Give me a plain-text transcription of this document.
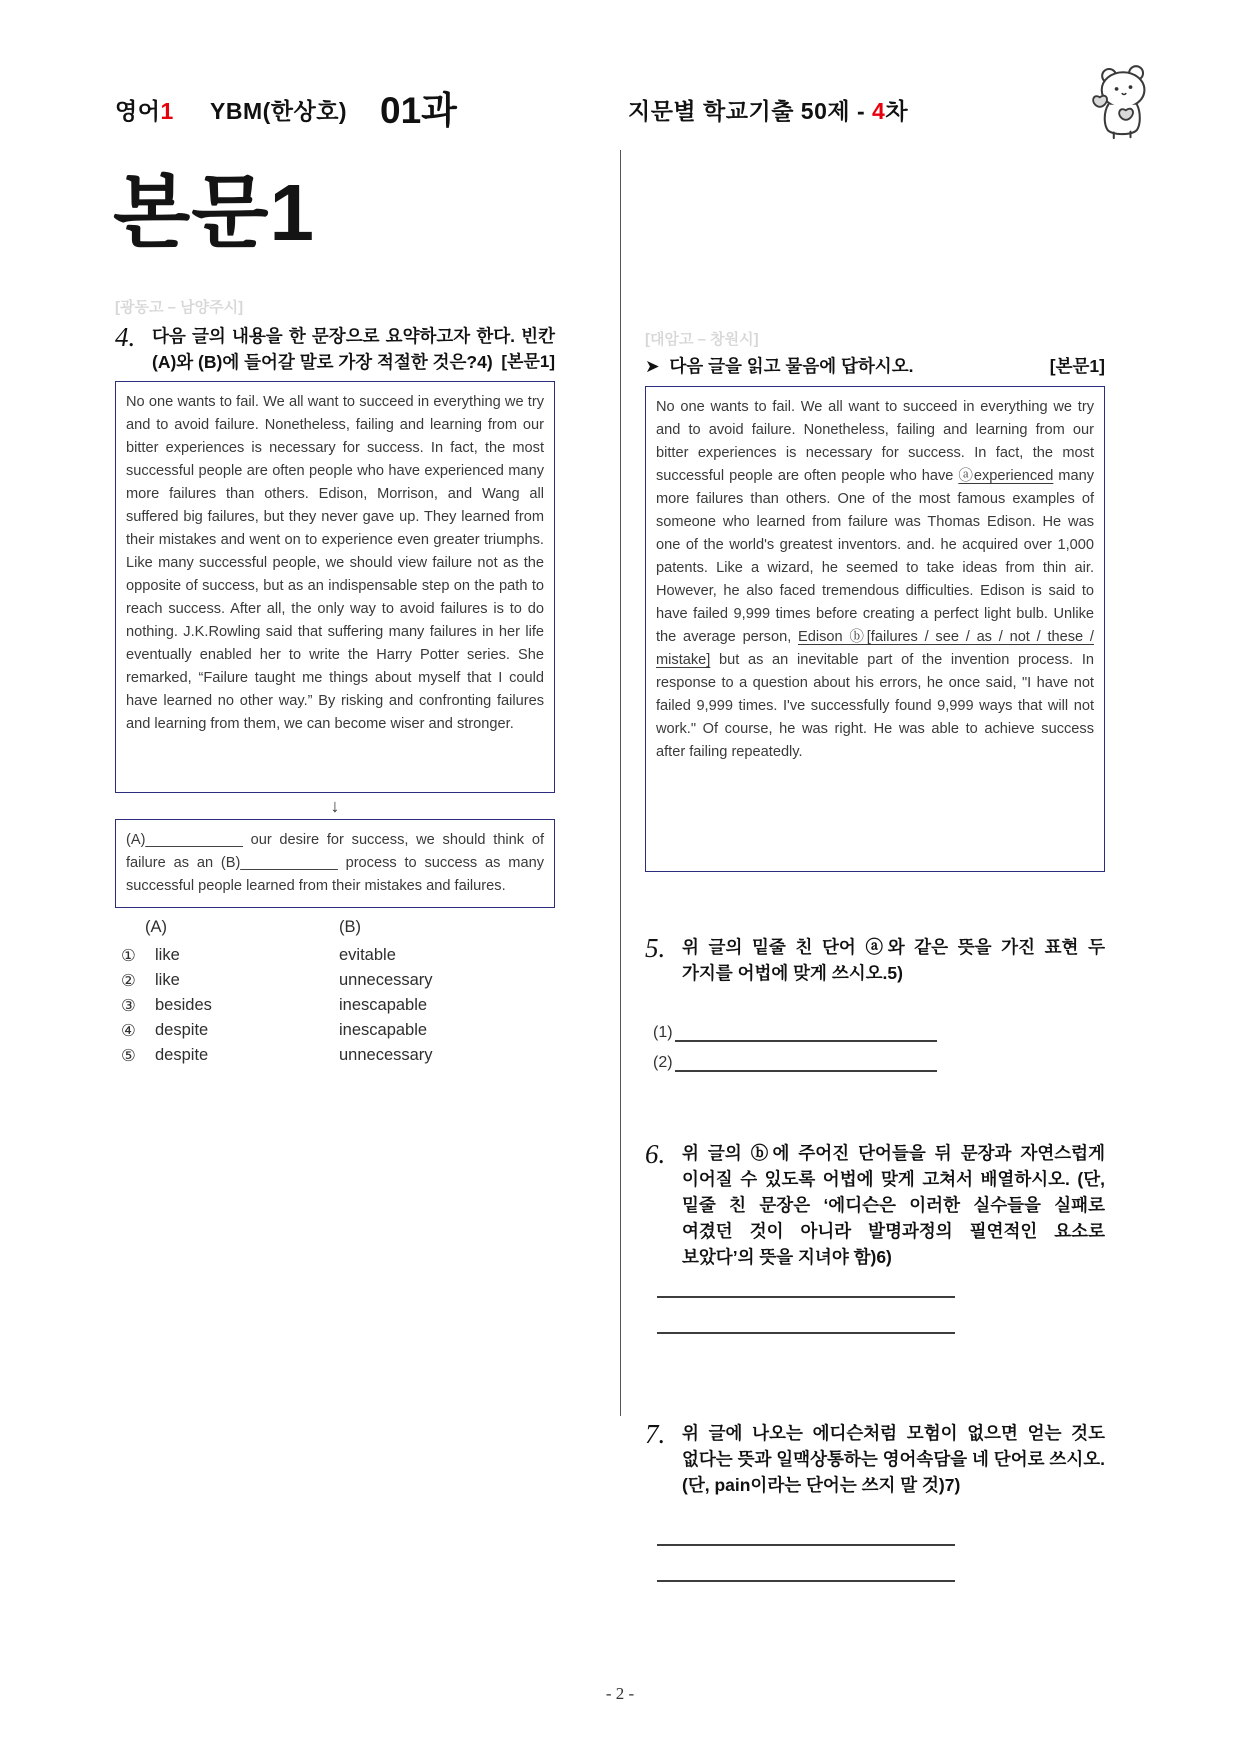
영어1 YBM(한상호) 01과	지문별 학교기출 50제 - 4차
본문1
[광동고 – 남양주시]
4. 다음 글의 내용을 한 문장으로 요약하고자 한다. 빈칸 (A)와 (B)에 들어갈 말로 가장 적절한 것은?4) [본문1]
No one wants to fail. We all want to succeed in everything we try and to avoid failure. Nonetheless, failing and learning from our bitter experiences is necessary for success. In fact, the most successful people are often people who have experienced many more failures than others. Edison, Morrison, and Wang all suffered big failures, but they never gave up. They learned from their mistakes and went on to experience even greater triumphs. Like many successful people, we should view failure not as the opposite of success, but as an indispensable step on the path to reach success. After all, the only way to avoid failures is to do nothing. J.K.Rowling said that suffering many failures in her life eventually enabled her to write the Harry Potter series. She remarked, “Failure taught me things about myself that I could have learned no other way.” By risking and confronting failures and learning from them, we can become wiser and stronger.
↓
(A)____________ our desire for success, we should think of failure as an (B)____________ process to success as many successful people learned from their mistakes and failures.
(A)	(B)
①	like	evitable
②	like	unnecessary
③	besides	inescapable
④	despite	inescapable
⑤	despite	unnecessary
[대암고 – 창원시]
➤ 다음 글을 읽고 물음에 답하시오.	[본문1]
No one wants to fail. We all want to succeed in everything we try and to avoid failure. Nonetheless, failing and learning from our bitter experiences is necessary for success. In fact, the most successful people are often people who have ⓐexperienced many more failures than others. One of the most famous examples of someone who learned from failure was Thomas Edison. He was one of the world's greatest inventors. and. he acquired over 1,000 patents. Like a wizard, he seemed to take ideas from thin air. However, he also faced tremendous difficulties. Edison is said to have failed 9,999 times before creating a perfect light bulb. Unlike the average person, Edison ⓑ[failures / see / as / not / these / mistake] but as an inevitable part of the invention process. In response to a question about his errors, he once said, "I have not failed 9,999 times. I've successfully found 9,999 ways that will not work." Of course, he was right. He was able to achieve success after failing repeatedly.
5. 위 글의 밑줄 친 단어 ⓐ와 같은 뜻을 가진 표현 두 가지를 어법에 맞게 쓰시오.5)
(1)
(2)
6. 위 글의 ⓑ에 주어진 단어들을 뒤 문장과 자연스럽게 이어질 수 있도록 어법에 맞게 고쳐서 배열하시오. (단, 밑줄 친 문장은 ‘에디슨은 이러한 실수들을 실패로 여겼던 것이 아니라 발명과정의 필연적인 요소로 보았다’의 뜻을 지녀야 함)6)
7. 위 글에 나오는 에디슨처럼 모험이 없으면 얻는 것도 없다는 뜻과 일맥상통하는 영어속담을 네 단어로 쓰시오. (단, pain이라는 단어는 쓰지 말 것)7)
- 2 -
